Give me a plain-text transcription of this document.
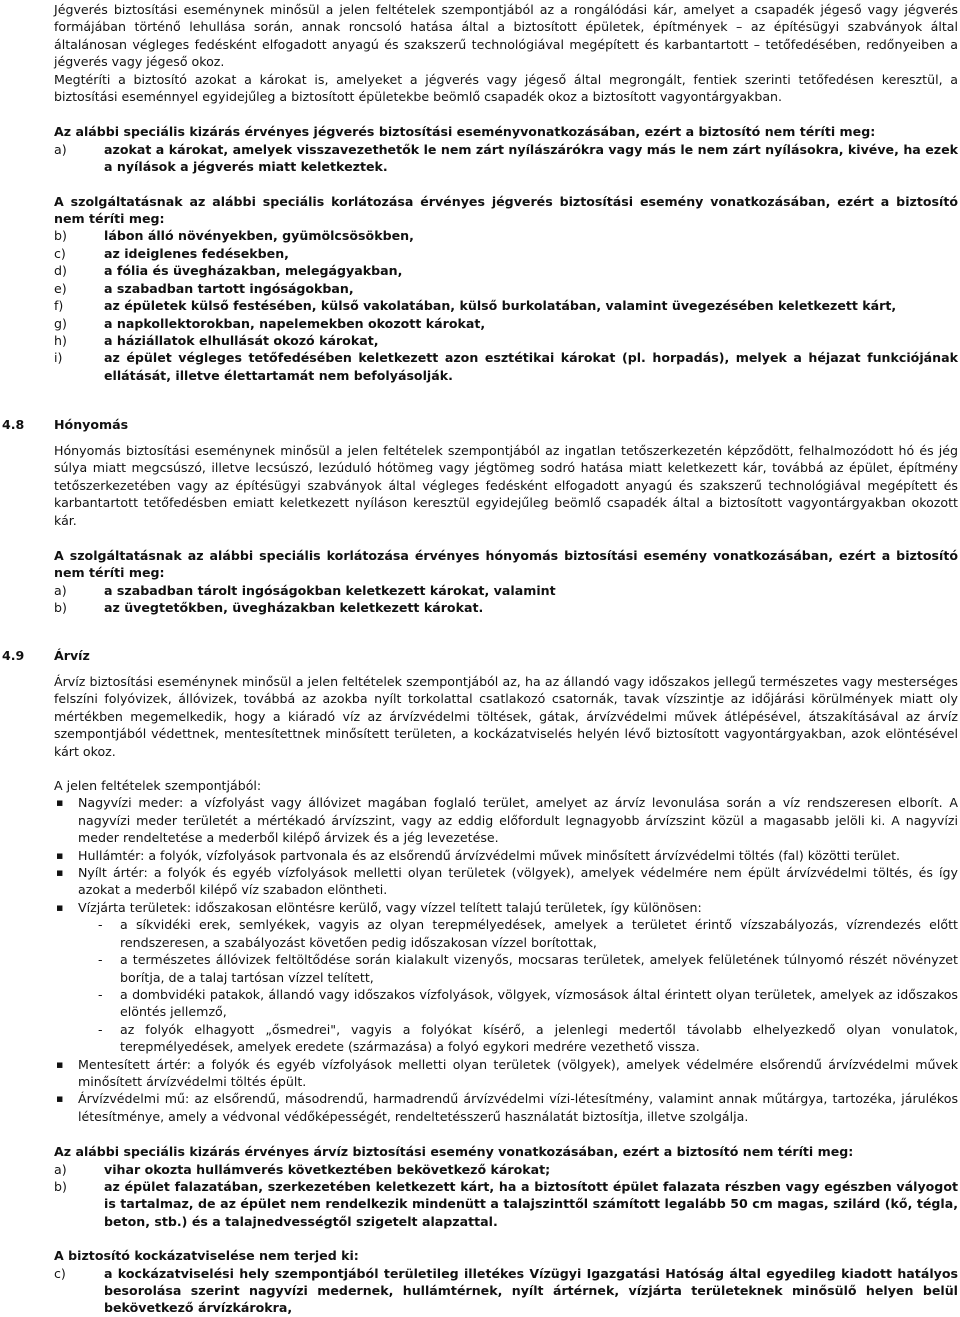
Jégverés biztosítási eseménynek minősül a jelen feltételek szempontjából az a rongálódási kár, amelyet a csapadék jégeső vagy jégverés formájában történő lehullása során, annak roncsoló hatása által a biztosított épületek, építmények – az építésügyi szabványok által általánosan végleges fedésként elfogadott anyagú és szakszerű technológiával megépített és karbantartott – tetőfedésében, redőnyeiben a jégverés vagy jégeső okoz.

Megtéríti a biztosító azokat a károkat is, amelyeket a jégverés vagy jégeső által megrongált, fentiek szerinti tetőfedésen keresztül, a biztosítási eseménnyel egyidejűleg a biztosított épületekbe beömlő csapadék okoz a biztosított vagyontárgyakban.

Az alábbi speciális kizárás érvényes jégverés biztosítási eseményvonatkozásában, ezért a biztosító nem téríti meg:

a)	azokat a károkat, amelyek visszavezethetők le nem zárt nyílászárókra vagy más le nem zárt nyílásokra, kivéve, ha ezek a nyílások a jégverés miatt keletkeztek.

A szolgáltatásnak az alábbi speciális korlátozása érvényes jégverés biztosítási esemény vonatkozásában, ezért a biztosító nem téríti meg:

b)	lábon álló növényekben, gyümölcsösökben,
c)	az ideiglenes fedésekben,
d)	a fólia és üvegházakban, melegágyakban,
e)	a szabadban tartott ingóságokban,
f)	az épületek külső festésében, külső vakolatában, külső burkolatában, valamint üvegezésében keletkezett kárt,
g)	a napkollektorokban, napelemekben okozott károkat,
h)	a háziállatok elhullását okozó károkat,
i)	az épület végleges tetőfedésében keletkezett azon esztétikai károkat (pl. horpadás), melyek a héjazat funkciójának ellátását, illetve élettartamát nem befolyásolják.
4.8	Hónyomás

Hónyomás biztosítási eseménynek minősül a jelen feltételek szempontjából az ingatlan tetőszerkezetén képződött, felhalmozódott hó és jég súlya miatt megcsúszó, illetve lecsúszó, lezúduló hótömeg vagy jégtömeg sodró hatása miatt keletkezett kár, továbbá az épület, építmény tetőszerkezetében vagy az építésügyi szabványok által végleges fedésként elfogadott anyagú és szakszerű technológiával megépített és karbantartott tetőfedésben emiatt keletkezett nyíláson keresztül egyidejűleg beömlő csapadék által a biztosított vagyontárgyakban okozott kár.

A szolgáltatásnak az alábbi speciális korlátozása érvényes hónyomás biztosítási esemény vonatkozásában, ezért a biztosító nem téríti meg:

a)	a szabadban tárolt ingóságokban keletkezett károkat, valamint
b)	az üvegtetőkben, üvegházakban keletkezett károkat.
4.9	Árvíz

Árvíz biztosítási eseménynek minősül a jelen feltételek szempontjából az, ha az állandó vagy időszakos jellegű természetes vagy mesterséges felszíni folyóvizek, állóvizek, továbbá az azokba nyílt torkolattal csatlakozó csatornák, tavak vízszintje az időjárási körülmények miatt oly mértékben megemelkedik, hogy a kiáradó víz az árvízvédelmi töltések, gátak, árvízvédelmi művek átlépésével, átszakításával az árvíz szempontjából védettnek, mentesítettnek minősített területen, a kockázatviselés helyén lévő biztosított vagyontárgyakban, azok elöntésével kárt okoz.

A jelen feltételek szempontjából:

▪	Nagyvízi meder: a vízfolyást vagy állóvizet magában foglaló terület, amelyet az árvíz levonulása során a víz rendszeresen elborít. A nagyvízi meder területét a mértékadó árvízszint, vagy az eddig előfordult legnagyobb árvízszint közül a magasabb jelöli ki. A nagyvízi meder rendeltetése a mederből kilépő árvizek és a jég levezetése.
▪	Hullámtér: a folyók, vízfolyások partvonala és az elsőrendű árvízvédelmi művek minősített árvízvédelmi töltés (fal) közötti terület.
▪	Nyílt ártér: a folyók és egyéb vízfolyások melletti olyan területek (völgyek), amelyek védelmére nem épült árvízvédelmi töltés, és így azokat a mederből kilépő víz szabadon elöntheti.
▪	Vízjárta területek: időszakosan elöntésre kerülő, vagy vízzel telített talajú területek, így különösen:
-	a síkvidéki erek, semlyékek, vagyis az olyan terepmélyedések, amelyek a területet érintő vízszabályozás, vízrendezés előtt rendszeresen, a szabályozást követően pedig időszakosan vízzel borítottak,
-	a természetes állóvizek feltöltődése során kialakult vizenyős, mocsaras területek, amelyek felületének túlnyomó részét növényzet borítja, de a talaj tartósan vízzel telített,
-	a dombvidéki patakok, állandó vagy időszakos vízfolyások, völgyek, vízmosások által érintett olyan területek, amelyek az időszakos elöntés jellemző,
-	az folyók elhagyott „ősmedrei", vagyis a folyókat kísérő, a jelenlegi medertől távolabb elhelyezkedő olyan vonulatok, terepmélyedések, amelyek eredete (származása) a folyó egykori medrére vezethető vissza.
▪	Mentesített ártér: a folyók és egyéb vízfolyások melletti olyan területek (völgyek), amelyek védelmére elsőrendű árvízvédelmi művek minősített árvízvédelmi töltés épült.
▪	Árvízvédelmi mű: az elsőrendű, másodrendű, harmadrendű árvízvédelmi vízi-létesítmény, valamint annak műtárgya, tartozéka, járulékos létesítménye, amely a védvonal védőképességét, rendeltetésszerű használatát biztosítja, illetve szolgálja.

Az alábbi speciális kizárás érvényes árvíz biztosítási esemény vonatkozásában, ezért a biztosító nem téríti meg:

a)	vihar okozta hullámverés következtében bekövetkező károkat;
b)	az épület falazatában, szerkezetében keletkezett kárt, ha a biztosított épület falazata részben vagy egészben vályogot is tartalmaz, de az épület nem rendelkezik mindenütt a talajszinttől számított legalább 50 cm magas, szilárd (kő, tégla, beton, stb.) és a talajnedvességtől szigetelt alapzattal.

A biztosító kockázatviselése nem terjed ki:

c)	a kockázatviselési hely szempontjából területileg illetékes Vízügyi Igazgatási Hatóság által egyedileg kiadott hatályos besorolása szerint nagyvízi medernek, hullámtérnek, nyílt ártérnek, vízjárta területeknek minősülő helyen belül bekövetkező árvízkárokra,
